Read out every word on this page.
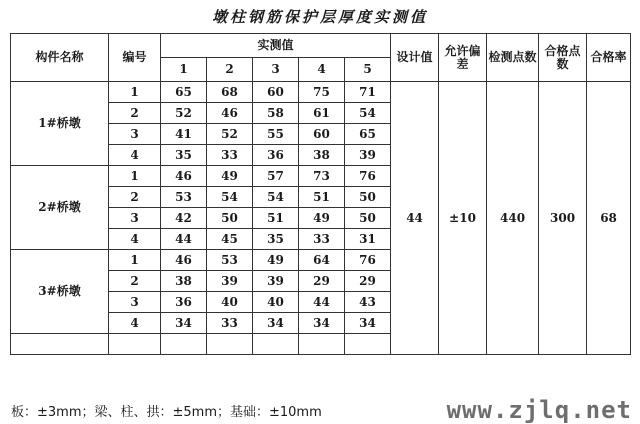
墩柱钢筋保护层厚度实测值
构件名称	编号	实测值					设计值	允许偏差	检测点数	合格点数	合格率
		1	2	3	4	5					
1#桥墩	1	65	68	60	75	71	44	±10	440	300	68
	2	52	46	58	61	54					
	3	41	52	55	60	65					
	4	35	33	36	38	39					
2#桥墩	1	46	49	57	73	76					
	2	53	54	54	51	50					
	3	42	50	51	49	50					
	4	44	45	35	33	31					
3#桥墩	1	46	53	49	64	76					
	2	38	39	39	29	29					
	3	36	40	40	44	43					
	4	34	33	34	34	34					

板：±3mm；梁、柱、拱：±5mm；基础：±10mm	www.zjlq.net
